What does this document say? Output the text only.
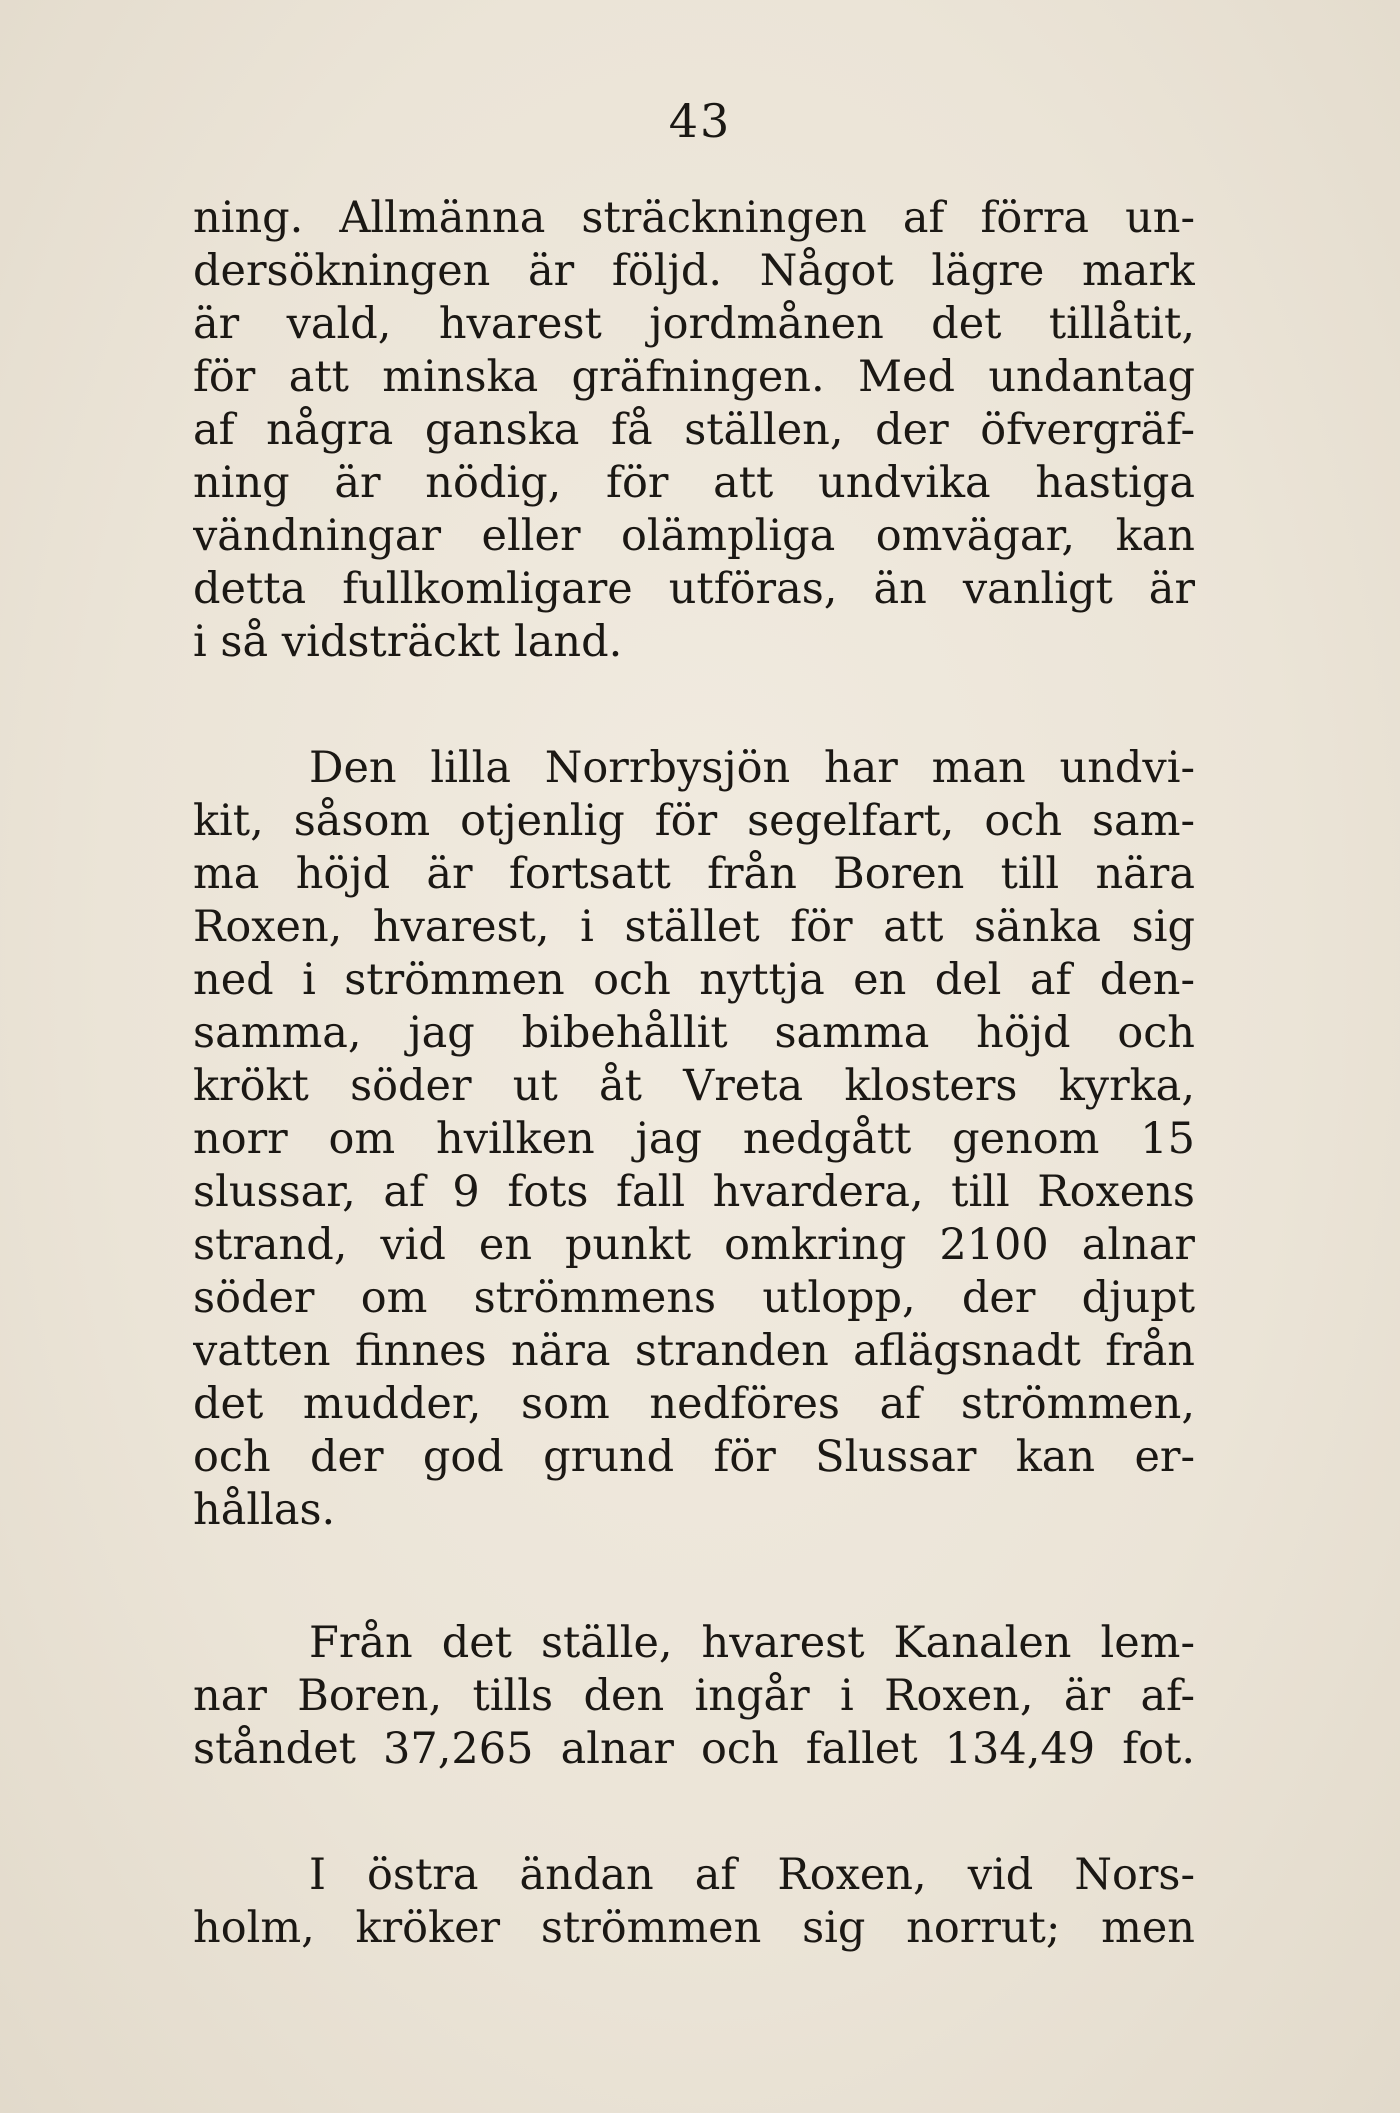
43
ning. Allmänna sträckningen af förra un-
dersökningen är följd. Något lägre mark
är vald, hvarest jordmånen det tillåtit,
för att minska gräfningen. Med undantag
af några ganska få ställen, der öfvergräf-
ning är nödig, för att undvika hastiga
vändningar eller olämpliga omvägar, kan
detta fullkomligare utföras, än vanligt är
i så vidsträckt land.
Den lilla Norrbysjön har man undvi-
kit, såsom otjenlig för segelfart, och sam-
ma höjd är fortsatt från Boren till nära
Roxen, hvarest, i stället för att sänka sig
ned i strömmen och nyttja en del af den-
samma, jag bibehållit samma höjd och
krökt söder ut åt Vreta klosters kyrka,
norr om hvilken jag nedgått genom 15
slussar, af 9 fots fall hvardera, till Roxens
strand, vid en punkt omkring 2100 alnar
söder om strömmens utlopp, der djupt
vatten finnes nära stranden aflägsnadt från
det mudder, som nedföres af strömmen,
och der god grund för Slussar kan er-
hållas.
Från det ställe, hvarest Kanalen lem-
nar Boren, tills den ingår i Roxen, är af-
ståndet 37,265 alnar och fallet 134,49 fot.
I östra ändan af Roxen, vid Nors-
holm, kröker strömmen sig norrut; men
